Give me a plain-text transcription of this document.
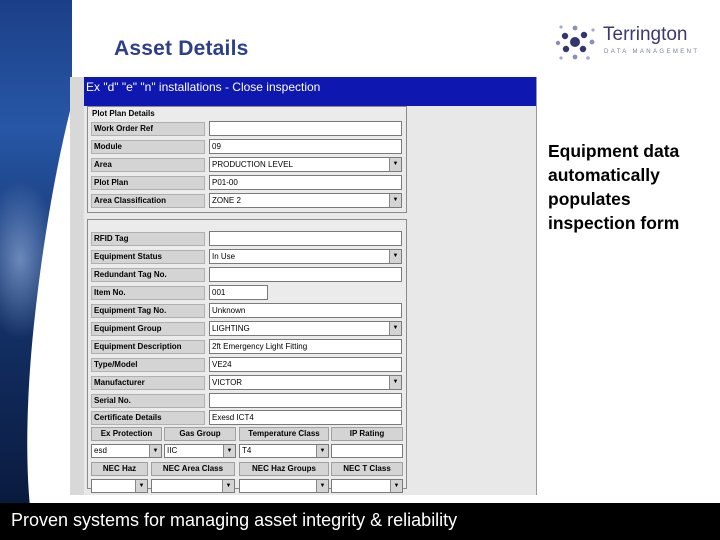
Asset Details
Terrington
DATA MANAGEMENT
Equipment data automatically populates inspection form
Ex "d" "e" "n" installations - Close inspection
Plot Plan Details
Work Order Ref
Module	09
Area	PRODUCTION LEVEL	▼
Plot Plan	P01-00
Area Classification	ZONE 2	▼
RFID Tag
Equipment Status	In Use	▼
Redundant Tag No.
Item No.	001
Equipment Tag No.	Unknown
Equipment Group	LIGHTING	▼
Equipment Description	2ft Emergency Light Fitting
Type/Model	VE24
Manufacturer	VICTOR	▼
Serial No.
Certificate Details	Exesd ICT4
Ex Protection	Gas Group	Temperature Class	IP Rating
esd	▼	IIC	▼	T4	▼
NEC Haz	NEC Area Class	NEC Haz Groups	NEC T Class
▼	▼	▼	▼
Proven systems for managing asset integrity & reliability
